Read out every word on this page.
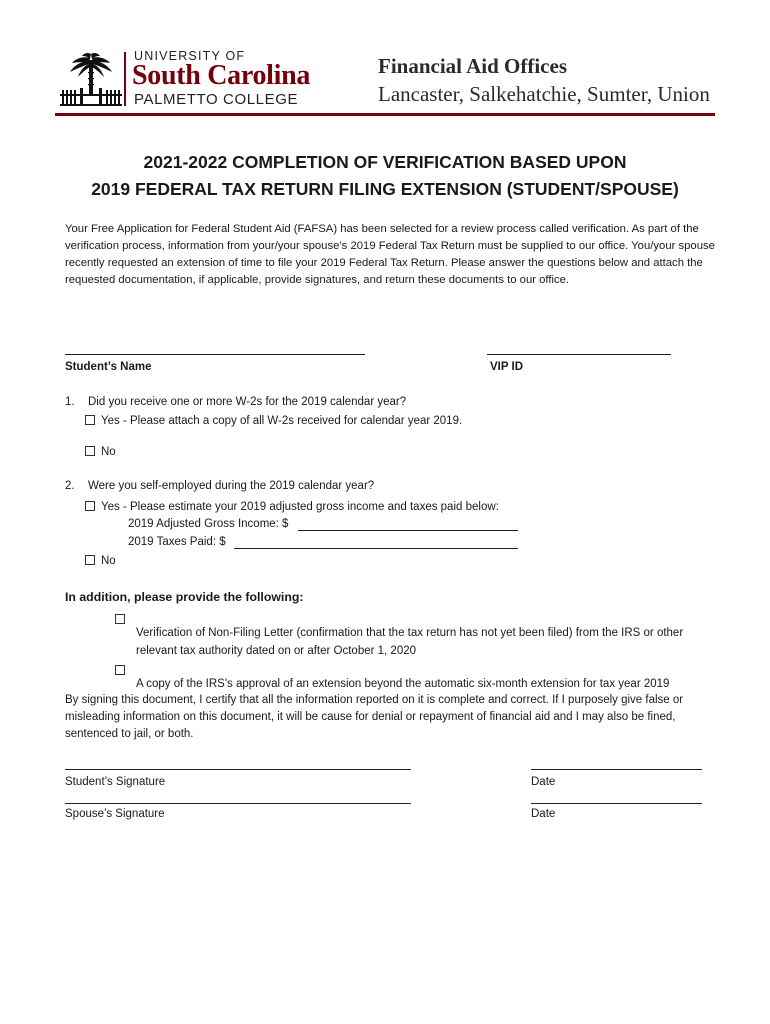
UNIVERSITY OF
South Carolina
PALMETTO COLLEGE
Financial Aid Offices
Lancaster, Salkehatchie, Sumter, Union
2021-2022 COMPLETION OF VERIFICATION BASED UPON
2019 FEDERAL TAX RETURN FILING EXTENSION (STUDENT/SPOUSE)
Your Free Application for Federal Student Aid (FAFSA) has been selected for a review process called verification. As part of the verification process, information from your/your spouse’s 2019 Federal Tax Return must be supplied to our office. You/your spouse recently requested an extension of time to file your 2019 Federal Tax Return. Please answer the questions below and attach the requested documentation, if applicable, provide signatures, and return these documents to our office.
Student’s Name	VIP ID
1. Did you receive one or more W-2s for the 2019 calendar year?
Yes - Please attach a copy of all W-2s received for calendar year 2019.
No
2. Were you self-employed during the 2019 calendar year?
Yes - Please estimate your 2019 adjusted gross income and taxes paid below:
2019 Adjusted Gross Income: $
2019 Taxes Paid: $
No
In addition, please provide the following:
Verification of Non-Filing Letter (confirmation that the tax return has not yet been filed) from the IRS or other relevant tax authority dated on or after October 1, 2020
A copy of the IRS's approval of an extension beyond the automatic six-month extension for tax year 2019
By signing this document, I certify that all the information reported on it is complete and correct. If I purposely give false or misleading information on this document, it will be cause for denial or repayment of financial aid and I may also be fined, sentenced to jail, or both.
Student’s Signature	Date
Spouse’s Signature	Date
